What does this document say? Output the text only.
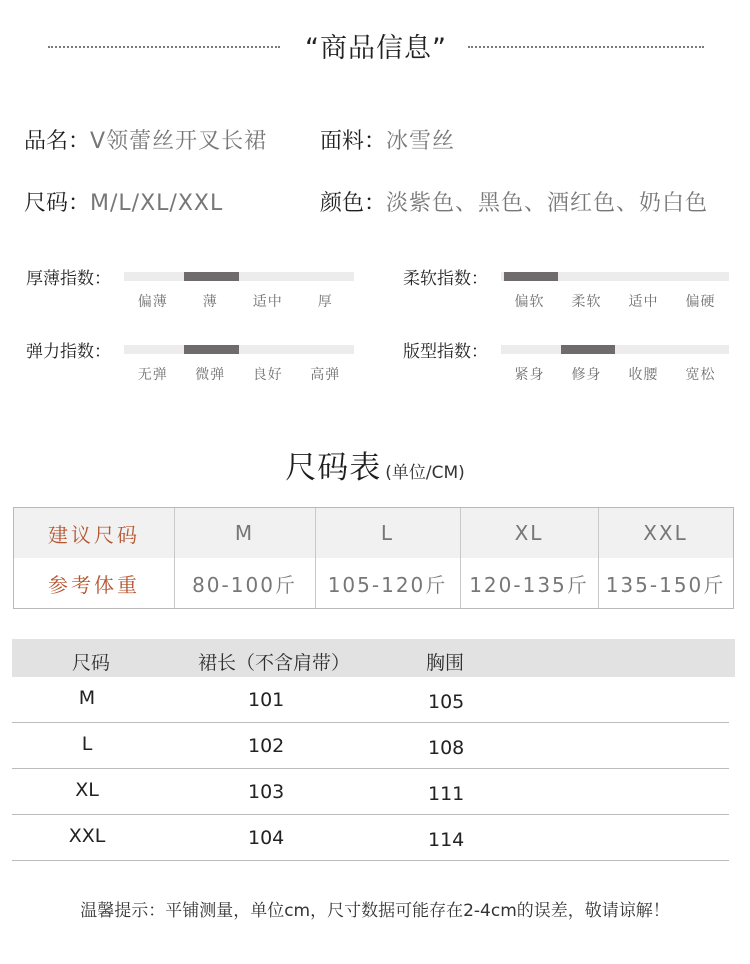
“商品信息”
品名：V领蕾丝开叉长裙 面料：冰雪丝
尺码：M/L/XL/XXL	颜色：淡紫色、黑色、酒红色、奶白色
厚薄指数：
偏薄	薄	适中	厚
柔软指数：
偏软	柔软	适中	偏硬
弹力指数：
无弹	微弹	良好	高弹
版型指数：
紧身	修身	收腰	宽松
尺码表 (单位/CM)
建议尺码	M	L	XL	XXL
参考体重	80-100斤	105-120斤	120-135斤 135-150斤
尺码	裙长（不含肩带）	胸围
M	101	105
L	102	108
XL	103	111
XXL	104	114
温馨提示：平铺测量，单位cm，尺寸数据可能存在2-4cm的误差，敬请谅解！
